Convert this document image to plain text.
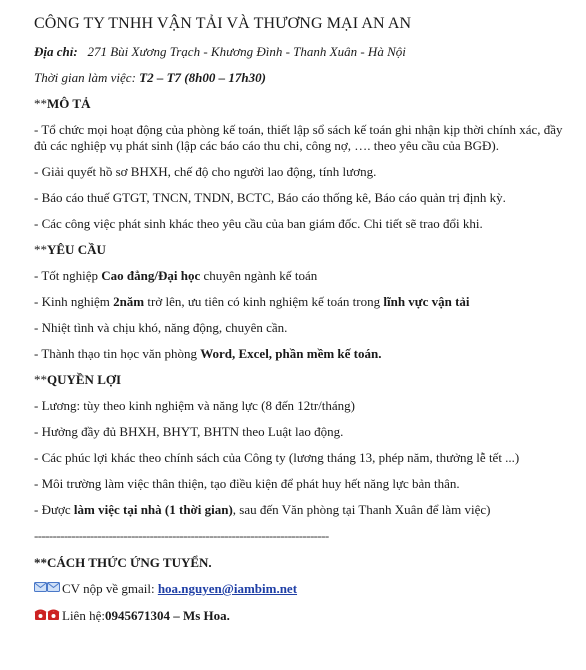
CÔNG TY TNHH VẬN TẢI VÀ THƯƠNG MẠI AN AN
Địa chỉ: 271 Bùi Xương Trạch - Khương Đình - Thanh Xuân - Hà Nội
Thời gian làm việc: T2 – T7 (8h00 – 17h30)
**MÔ TẢ
- Tổ chức mọi hoạt động của phòng kế toán, thiết lập sổ sách kế toán ghi nhận kịp thời chính xác, đầy đủ các nghiệp vụ phát sinh (lập các báo cáo thu chi, công nợ, …. theo yêu cầu của BGĐ).
- Giải quyết hồ sơ BHXH, chế độ cho người lao động, tính lương.
- Báo cáo thuế GTGT, TNCN, TNDN, BCTC, Báo cáo thống kê, Báo cáo quản trị định kỳ.
- Các công việc phát sinh khác theo yêu cầu của ban giám đốc. Chi tiết sẽ trao đổi khi.
**YÊU CẦU
- Tốt nghiệp Cao đẳng/Đại học chuyên ngành kế toán
- Kinh nghiệm 2năm trở lên, ưu tiên có kinh nghiệm kế toán trong lĩnh vực vận tải
- Nhiệt tình và chịu khó, năng động, chuyên cần.
- Thành thạo tin học văn phòng Word, Excel, phần mềm kế toán.
**QUYỀN LỢI
- Lương: tùy theo kinh nghiệm và năng lực (8 đến 12tr/tháng)
- Hưởng đầy đủ BHXH, BHYT, BHTN theo Luật lao động.
- Các phúc lợi khác theo chính sách của Công ty (lương tháng 13, phép năm, thưởng lễ tết ...)
- Môi trường làm việc thân thiện, tạo điều kiện để phát huy hết năng lực bản thân.
- Được làm việc tại nhà (1 thời gian), sau đến Văn phòng tại Thanh Xuân để làm việc)
-------------------------------------------------------------------------------
**CÁCH THỨC ỨNG TUYỂN.
CV nộp về gmail:
hoa.nguyen@iambim.net
Liên hệ: 0945671304 – Ms Hoa.
